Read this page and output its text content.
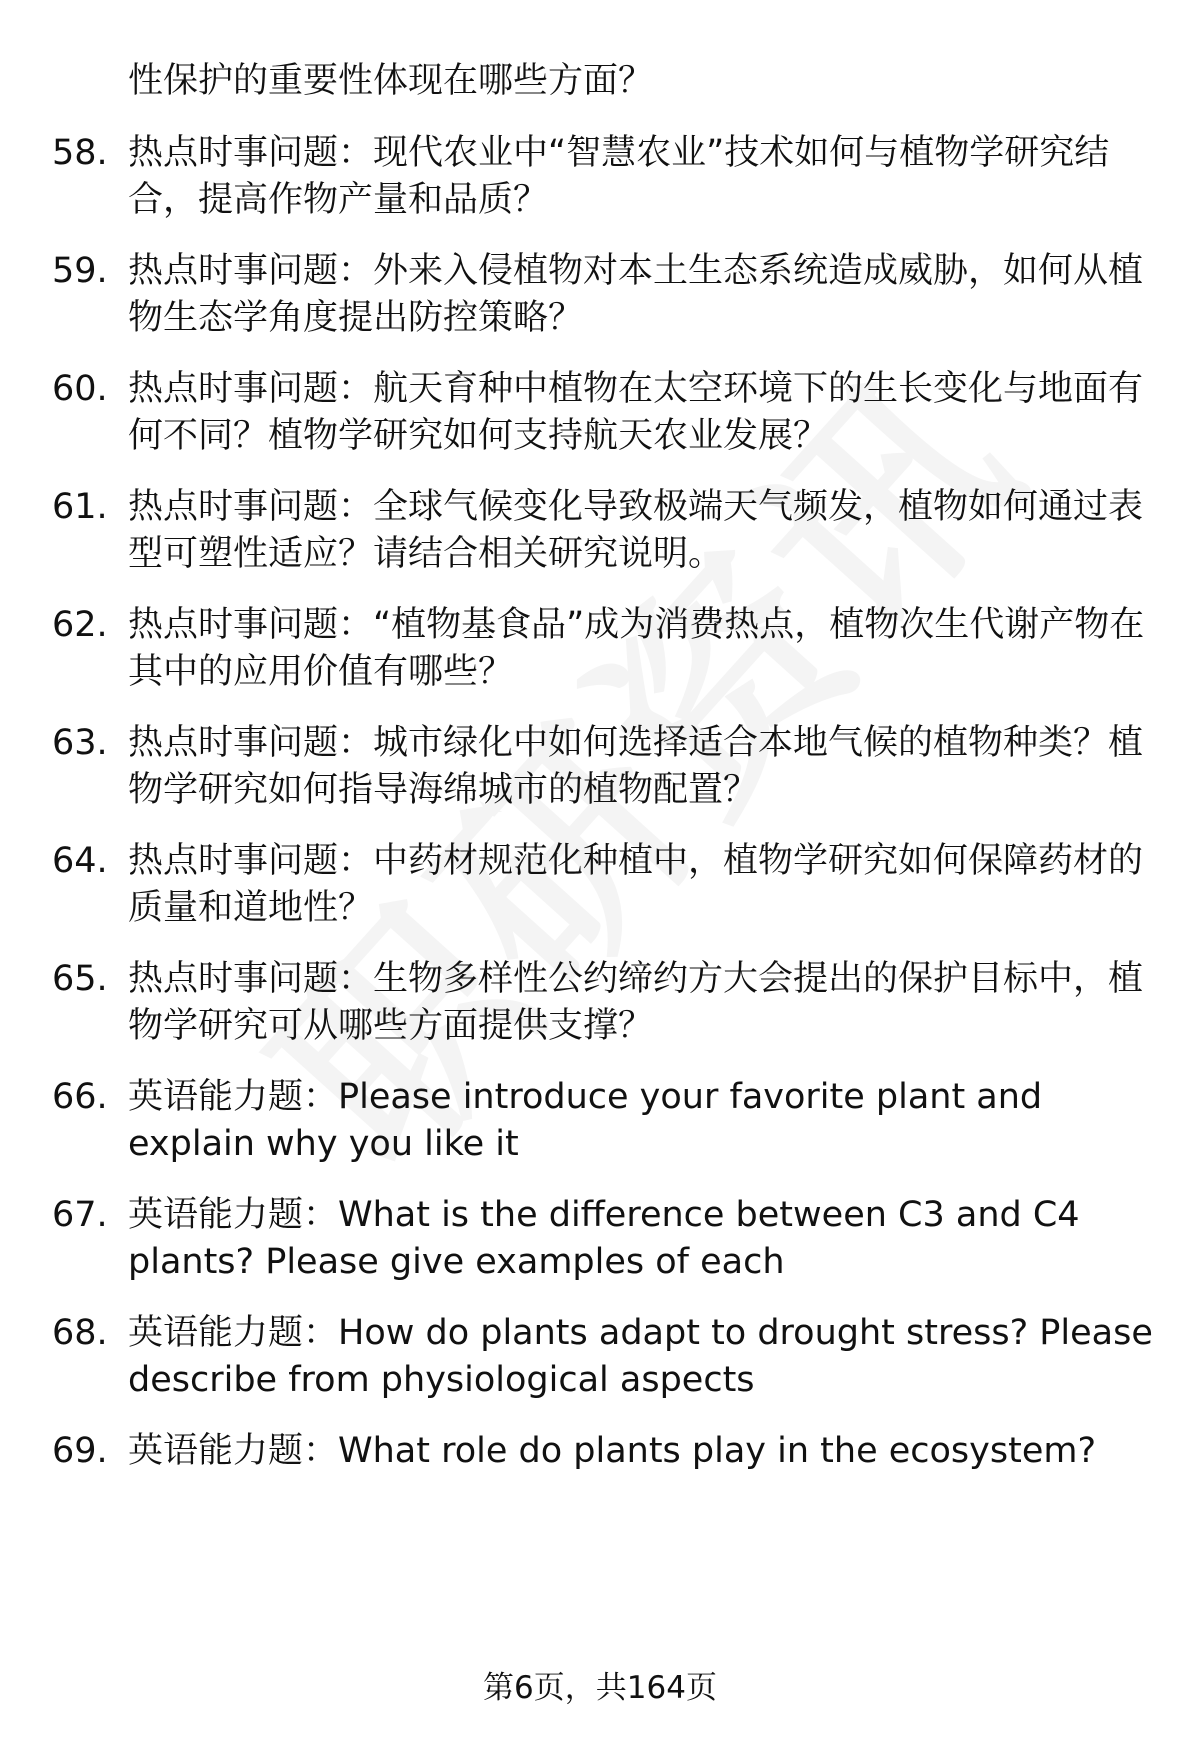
性保护的重要性体现在哪些方面？
58. 热点时事问题：现代农业中“智慧农业”技术如何与植物学研究结合，提高作物产量和品质？
59. 热点时事问题：外来入侵植物对本土生态系统造成威胁，如何从植物生态学角度提出防控策略？
60. 热点时事问题：航天育种中植物在太空环境下的生长变化与地面有何不同？植物学研究如何支持航天农业发展？
61. 热点时事问题：全球气候变化导致极端天气频发，植物如何通过表型可塑性适应？请结合相关研究说明。
62. 热点时事问题：“植物基食品”成为消费热点，植物次生代谢产物在其中的应用价值有哪些？
63. 热点时事问题：城市绿化中如何选择适合本地气候的植物种类？植物学研究如何指导海绵城市的植物配置？
64. 热点时事问题：中药材规范化种植中，植物学研究如何保障药材的质量和道地性？
65. 热点时事问题：生物多样性公约缔约方大会提出的保护目标中，植物学研究可从哪些方面提供支撑？
66. 英语能力题：Please introduce your favorite plant and explain why you like it
67. 英语能力题：What is the difference between C3 and C4 plants? Please give examples of each
68. 英语能力题：How do plants adapt to drought stress? Please describe from physiological aspects
69. 英语能力题：What role do plants play in the ecosystem?
第6页，共164页
